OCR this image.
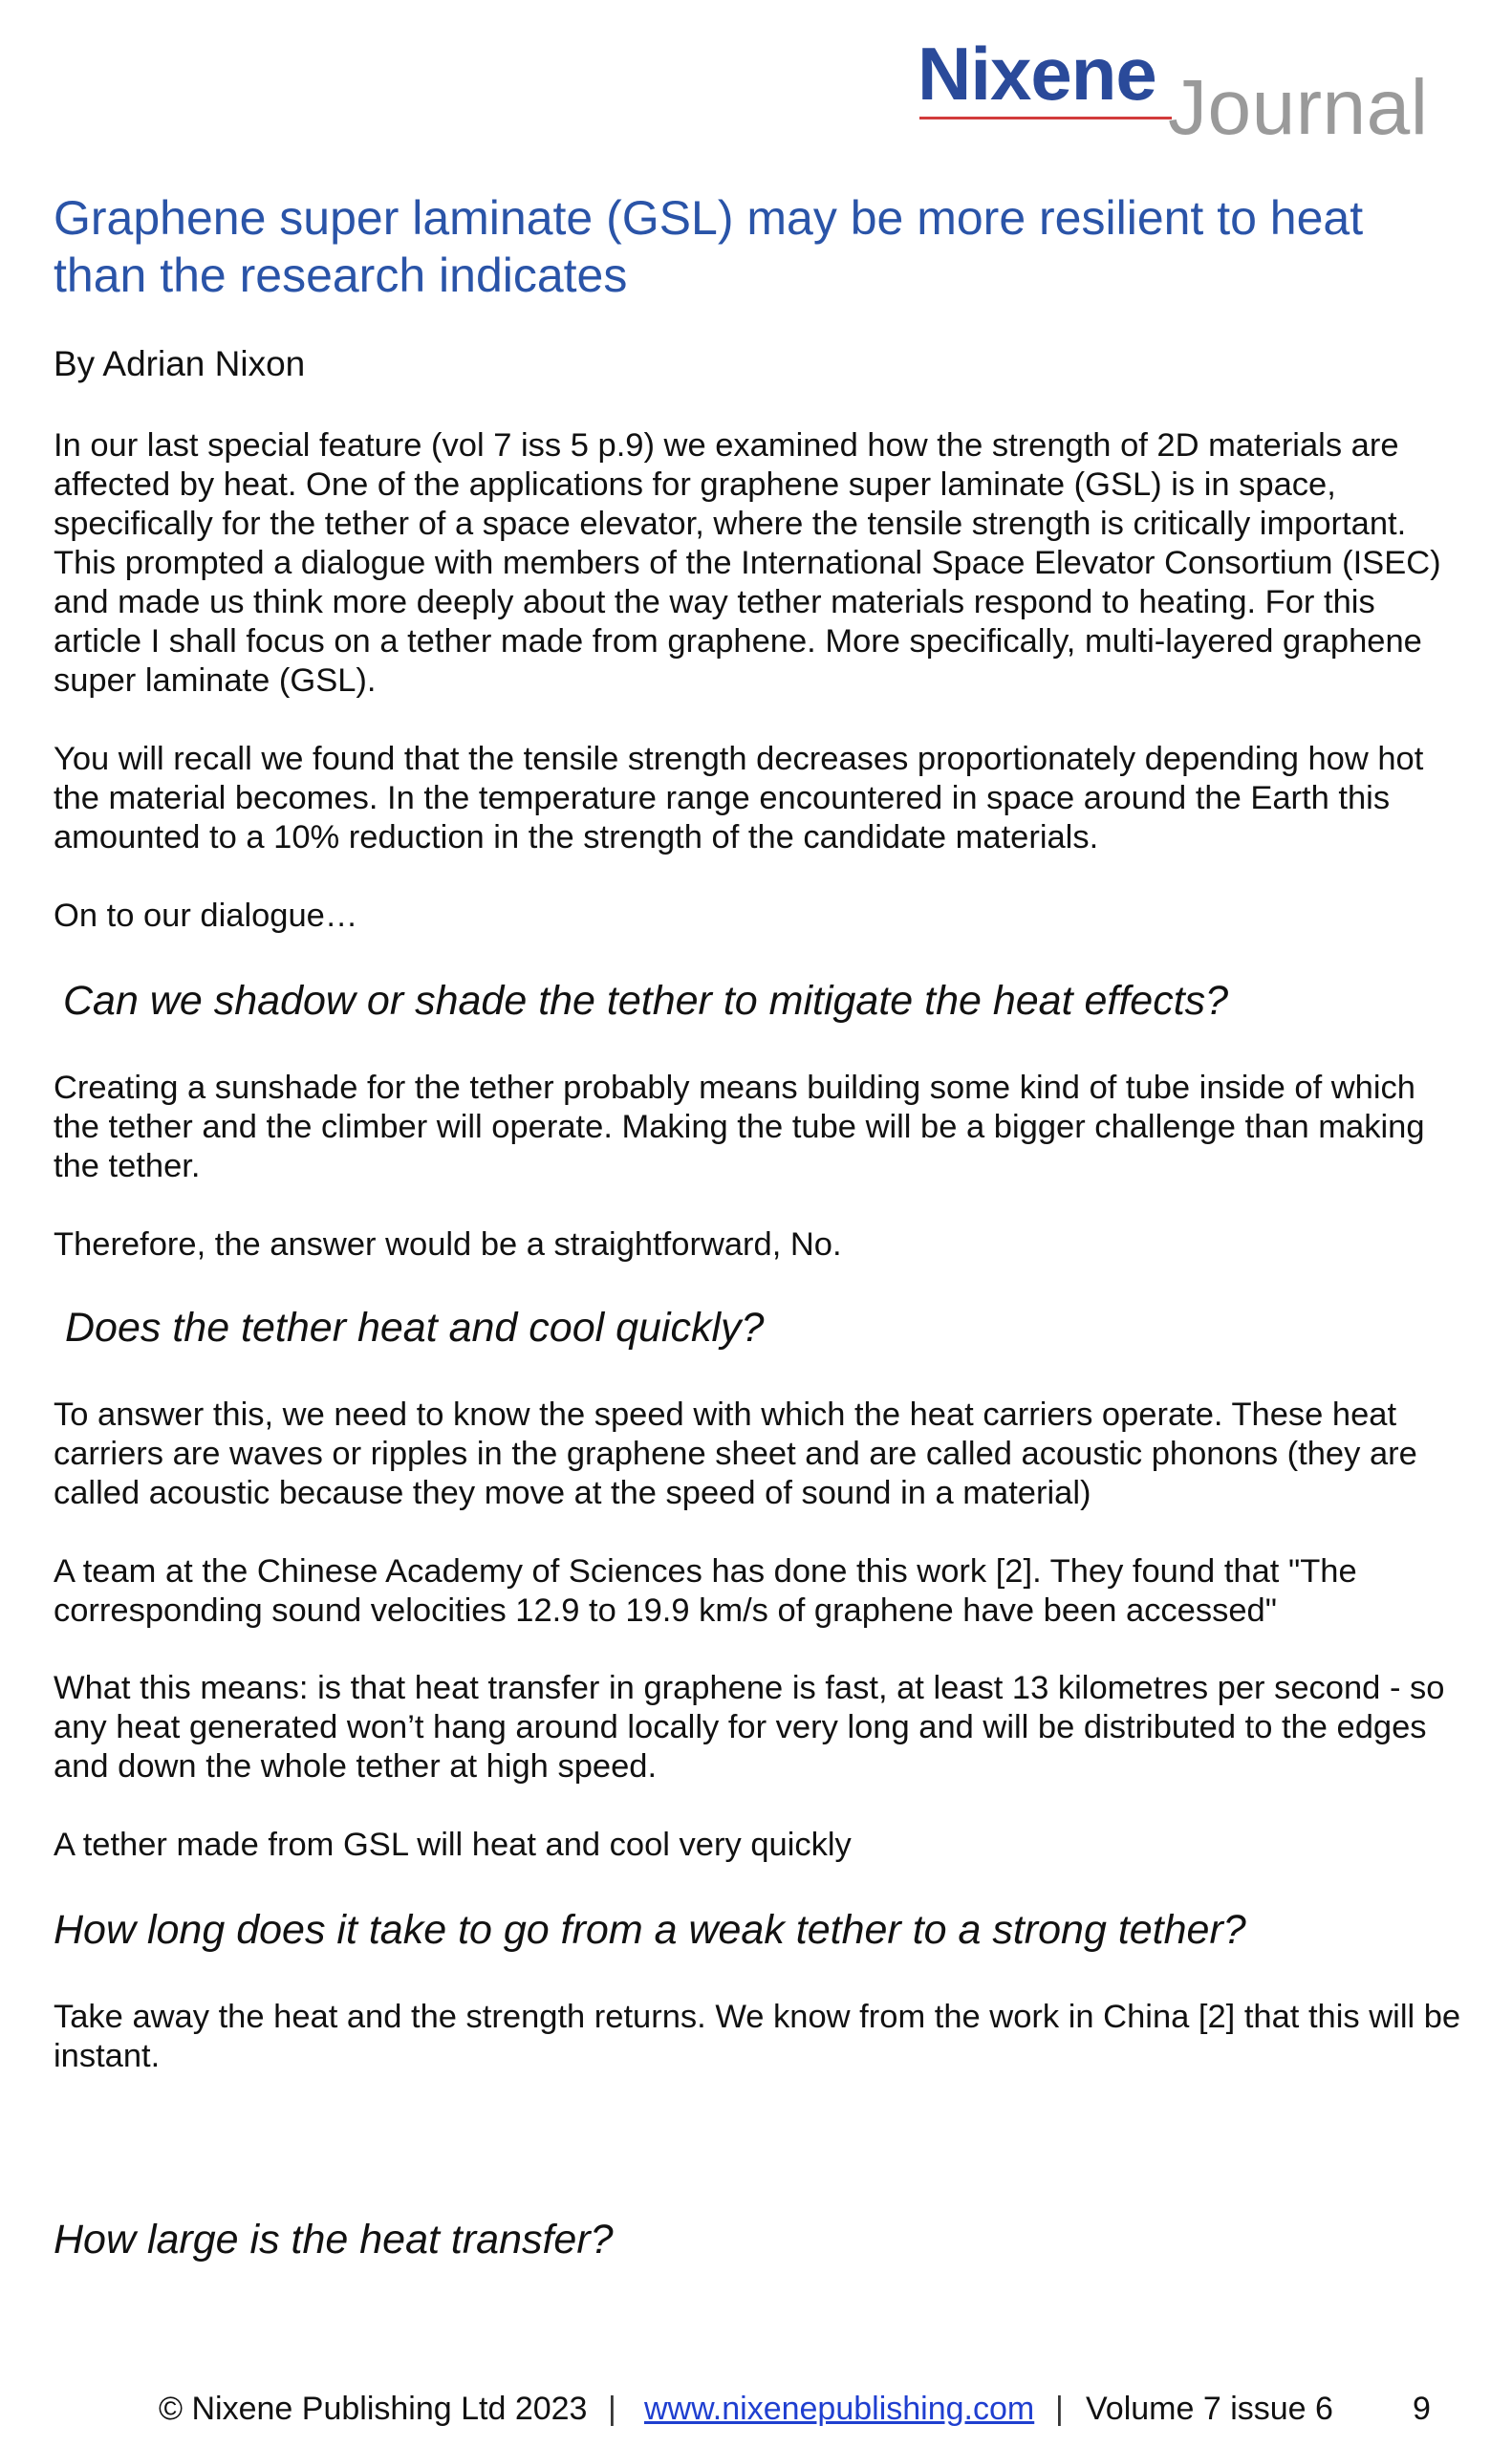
Nixene Journal
Graphene super laminate (GSL) may be more resilient to heat than the research indicates
By Adrian Nixon

In our last special feature (vol 7 iss 5 p.9) we examined how the strength of 2D materials are affected by heat. One of the applications for graphene super laminate (GSL) is in space, specifically for the tether of a space elevator, where the tensile strength is critically important. This prompted a dialogue with members of the International Space Elevator Consortium (ISEC) and made us think more deeply about the way tether materials respond to heating. For this article I shall focus on a tether made from graphene. More specifically, multi-layered graphene super laminate (GSL).

You will recall we found that the tensile strength decreases proportionately depending how hot the material becomes. In the temperature range encountered in space around the Earth this amounted to a 10% reduction in the strength of the candidate materials.

On to our dialogue…

Can we shadow or shade the tether to mitigate the heat effects?

Creating a sunshade for the tether probably means building some kind of tube inside of which the tether and the climber will operate. Making the tube will be a bigger challenge than making the tether.

Therefore, the answer would be a straightforward, No.

Does the tether heat and cool quickly?

To answer this, we need to know the speed with which the heat carriers operate. These heat carriers are waves or ripples in the graphene sheet and are called acoustic phonons (they are called acoustic because they move at the speed of sound in a material)

A team at the Chinese Academy of Sciences has done this work [2]. They found that "The corresponding sound velocities 12.9 to 19.9 km/s of graphene have been accessed"

What this means: is that heat transfer in graphene is fast, at least 13 kilometres per second - so any heat generated won’t hang around locally for very long and will be distributed to the edges and down the whole tether at high speed.

A tether made from GSL will heat and cool very quickly

How long does it take to go from a weak tether to a strong tether?

Take away the heat and the strength returns. We know from the work in China [2] that this will be instant.

How large is the heat transfer?
© Nixene Publishing Ltd 2023 | www.nixenepublishing.com | Volume 7 issue 6 9
